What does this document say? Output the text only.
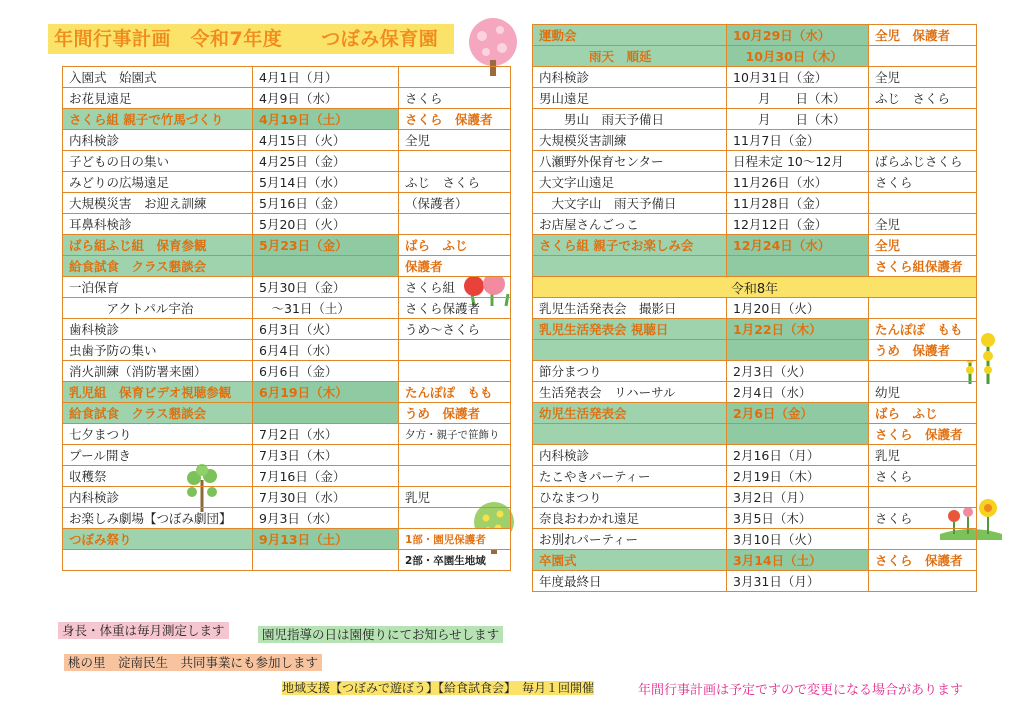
年間行事計画　令和7年度　　つぼみ保育園
入園式　始園式	4月1日（月）	
お花見遠足	4月9日（水）	さくら
さくら組 親子で竹馬づくり	4月19日（土）	さくら　保護者
内科検診	4月15日（火）	全児
子どもの日の集い	4月25日（金）	
みどりの広場遠足	5月14日（水）	ふじ　さくら
大規模災害　お迎え訓練	5月16日（金）	（保護者）
耳鼻科検診	5月20日（火）	
ばら組ふじ組　保育参観	5月23日（金）	ばら　ふじ
給食試食　クラス懇談会		保護者
一泊保育	5月30日（金）	さくら組
　　　アクトパル宇治	　～31日（土）	さくら保護者
歯科検診	6月3日（火）	うめ～さくら
虫歯予防の集い	6月4日（水）	
消火訓練（消防署来園）	6月6日（金）	
乳児組　保育ビデオ視聴参観	6月19日（木）	たんぽぽ　もも
給食試食　クラス懇談会		うめ　保護者
七夕まつり	7月2日（水）	夕方・親子で笹飾り
プール開き	7月3日（木）	
収穫祭	7月16日（金）	
内科検診	7月30日（水）	乳児
お楽しみ劇場【つぼみ劇団】	9月3日（水）	
つぼみ祭り	9月13日（土）	1部・園児保護者
		2部・卒園生地域
運動会	10月29日（水）	全児　保護者
　　　　雨天　順延	　10月30日（木）	
内科検診	10月31日（金）	全児
男山遠足	　　月　　日（木）	ふじ　さくら
　　男山　雨天予備日	　　月　　日（木）	
大規模災害訓練	11月7日（金）	
八瀬野外保育センター	日程未定 10～12月	ばらふじさくら
大文字山遠足	11月26日（水）	さくら
　大文字山　雨天予備日	11月28日（金）	
お店屋さんごっこ	12月12日（金）	全児
さくら組 親子でお楽しみ会	12月24日（水）	全児
		さくら組保護者
令和8年		
乳児生活発表会　撮影日	1月20日（火）	
乳児生活発表会 視聴日	1月22日（木）	たんぽぽ　もも
		うめ　保護者
節分まつり	2月3日（火）	
生活発表会　リハーサル	2月4日（水）	幼児
幼児生活発表会	2月6日（金）	ばら　ふじ
		さくら　保護者
内科検診	2月16日（月）	乳児
たこやきパーティー	2月19日（木）	さくら
ひなまつり	3月2日（月）	
奈良おわかれ遠足	3月5日（木）	さくら
お別れパーティー	3月10日（火）	
卒園式	3月14日（土）	さくら　保護者
年度最終日	3月31日（月）	
身長・体重は毎月測定します	園児指導の日は園便りにてお知らせします
桃の里　淀南民生　共同事業にも参加します
地域支援【つぼみで遊ぼう】【給食試食会】　毎月１回開催	年間行事計画は予定ですので変更になる場合があります
